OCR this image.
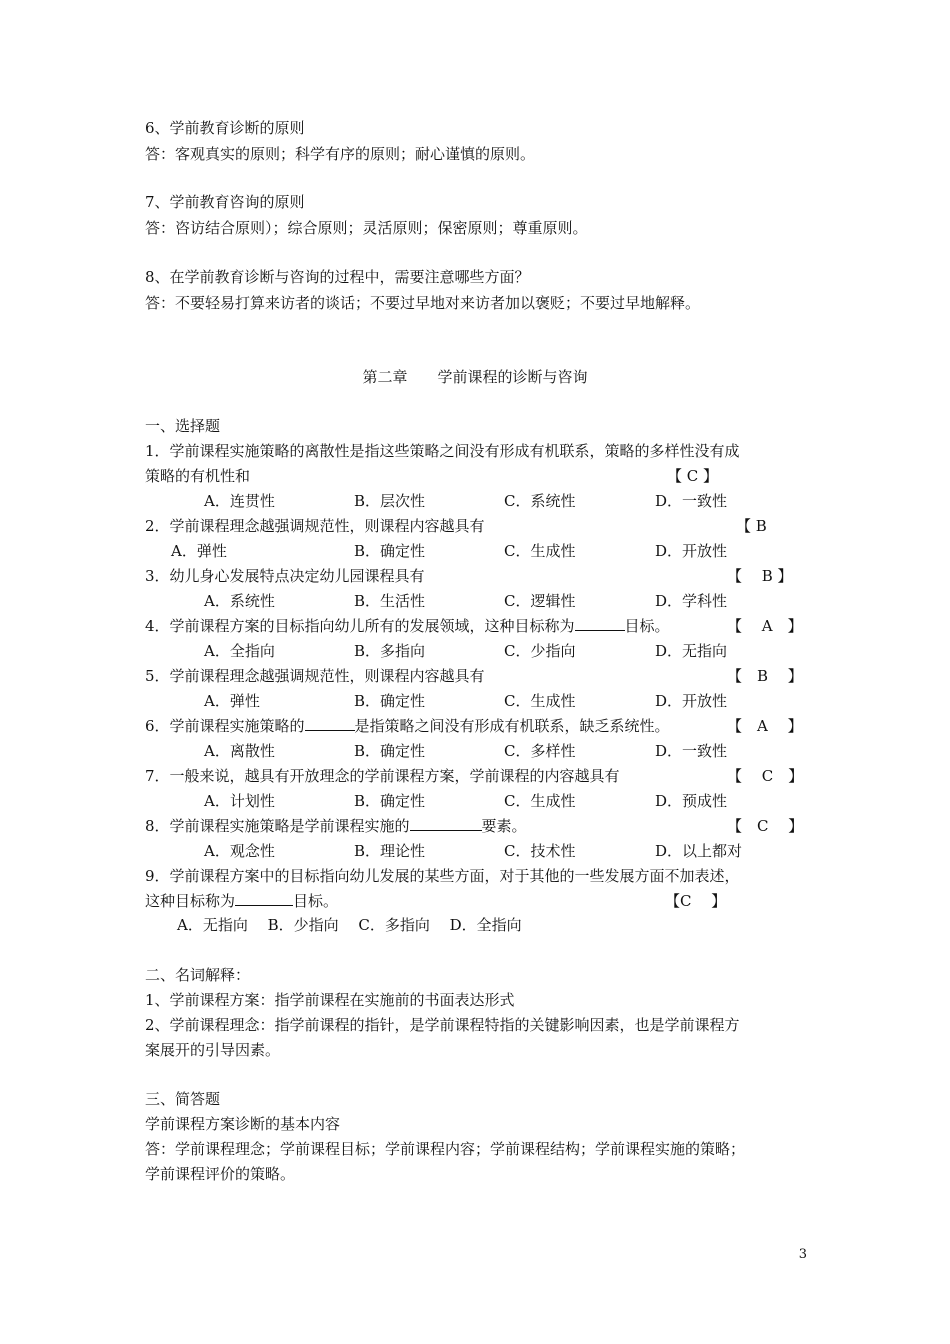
6、学前教育诊断的原则
答：客观真实的原则；科学有序的原则；耐心谨慎的原则。
7、学前教育咨询的原则
答：咨访结合原则）；综合原则；灵活原则；保密原则；尊重原则。
8、在学前教育诊断与咨询的过程中，需要注意哪些方面？
答：不要轻易打算来访者的谈话；不要过早地对来访者加以褒贬；不要过早地解释。
第二章　　学前课程的诊断与咨询
一、选择题
1．学前课程实施策略的离散性是指这些策略之间没有形成有机联系，策略的多样性没有成
策略的有机性和	【 C 】
A．连贯性	B．层次性	C．系统性	D．一致性
2．学前课程理念越强调规范性，则课程内容越具有	【 B
A．弹性	B．确定性	C．生成性	D．开放性
3．幼儿身心发展特点决定幼儿园课程具有	【　 B 】
A．系统性	B．生活性	C．逻辑性	D．学科性
4．学前课程方案的目标指向幼儿所有的发展领域，这种目标称为	目标。	【　 A　】
A．全指向	B．多指向	C．少指向	D．无指向
5．学前课程理念越强调规范性，则课程内容越具有	【　B　 】
A．弹性	B．确定性	C．生成性	D．开放性
6．学前课程实施策略的	是指策略之间没有形成有机联系，缺乏系统性。	【　A　 】
A．离散性	B．确定性	C．多样性	D．一致性
7．一般来说，越具有开放理念的学前课程方案，学前课程的内容越具有	【　 C　】
A．计划性	B．确定性	C．生成性	D．预成性
8．学前课程实施策略是学前课程实施的	要素。	【　C　 】
A．观念性	B．理论性	C．技术性	D．以上都对
9．学前课程方案中的目标指向幼儿发展的某些方面，对于其他的一些发展方面不加表述，
这种目标称为	目标。	【C　 】
A．无指向　 B．少指向　 C．多指向　 D．全指向
二、名词解释：
1、学前课程方案：指学前课程在实施前的书面表达形式
2、学前课程理念：指学前课程的指针，是学前课程特指的关键影响因素，也是学前课程方
案展开的引导因素。
三、简答题
学前课程方案诊断的基本内容
答：学前课程理念；学前课程目标；学前课程内容；学前课程结构；学前课程实施的策略；
学前课程评价的策略。
3
